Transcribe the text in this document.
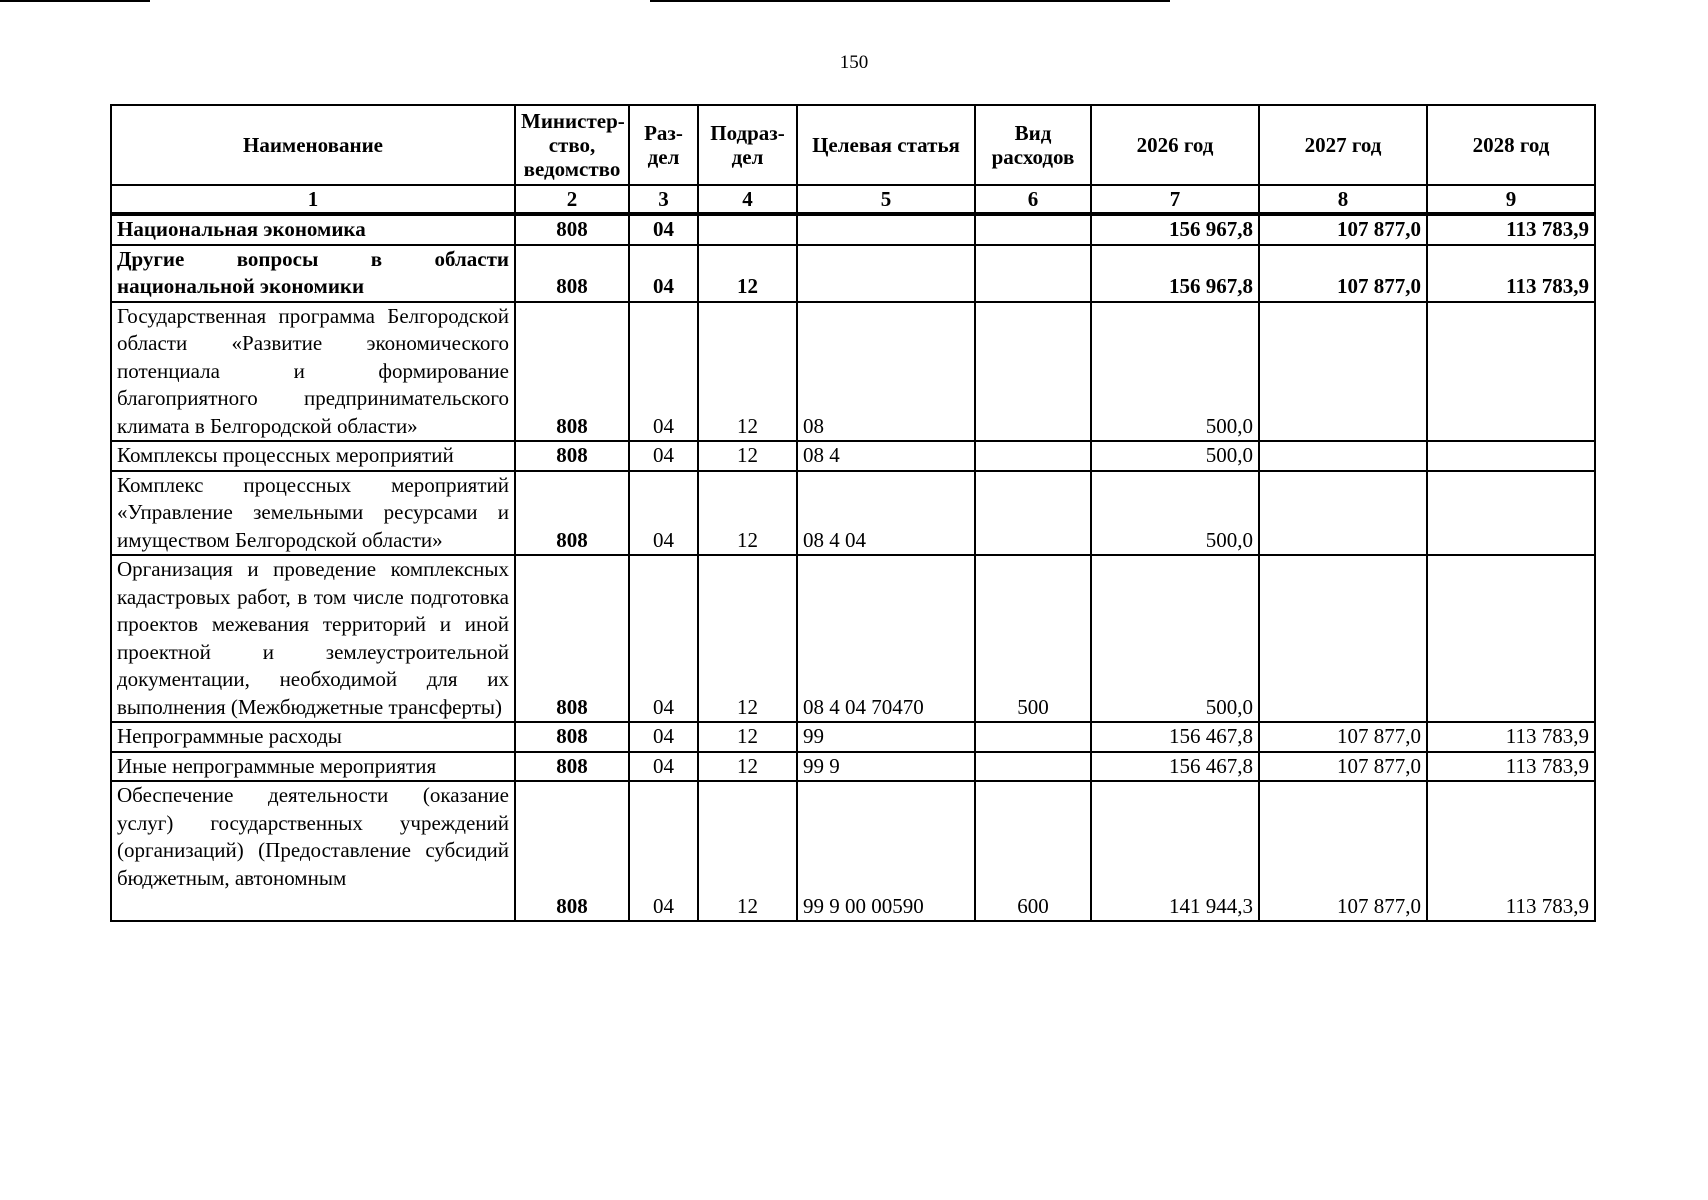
150
Наименование	Министер-ство, ведомство	Раз-дел	Подраз-дел	Целевая статья	Вид расходов	2026 год	2027 год	2028 год
1	2	3	4	5	6	7	8	9
Национальная экономика	808	04				156 967,8	107 877,0	113 783,9
Другие вопросы в области национальной экономики	808	04	12			156 967,8	107 877,0	113 783,9
Государственная программа Белгородской области «Развитие экономического потенциала и формирование благоприятного предпринимательского климата в Белгородской области»	808	04	12	08		500,0		
Комплексы процессных мероприятий	808	04	12	08 4		500,0		
Комплекс процессных мероприятий «Управление земельными ресурсами и имуществом Белгородской области»	808	04	12	08 4 04		500,0		
Организация и проведение комплексных кадастровых работ, в том числе подготовка проектов межевания территорий и иной проектной и землеустроительной документации, необходимой для их выполнения (Межбюджетные трансферты)	808	04	12	08 4 04 70470	500	500,0		
Непрограммные расходы	808	04	12	99		156 467,8	107 877,0	113 783,9
Иные непрограммные мероприятия	808	04	12	99 9		156 467,8	107 877,0	113 783,9

Обеспечение деятельности (оказание услуг) государственных учреждений (организаций) (Предоставление субсидий бюджетным, автономным	808	04	12	99 9 00 00590	600	141 944,3	107 877,0	113 783,9
